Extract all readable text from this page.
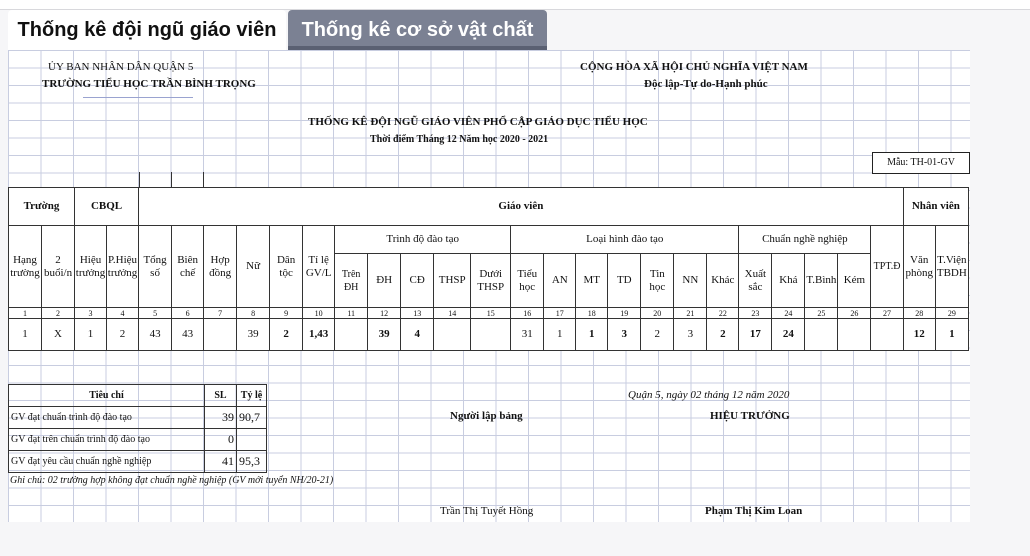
Thống kê đội ngũ giáo viên	Thống kê cơ sở vật chất
ỦY BAN NHÂN DÂN QUẬN 5
TRƯỜNG TIỂU HỌC TRẦN BÌNH TRỌNG
CỘNG HÒA XÃ HỘI CHỦ NGHĨA VIỆT NAM
Độc lập-Tự do-Hạnh phúc
THỐNG KÊ ĐỘI NGŨ GIÁO VIÊN PHỔ CẬP GIÁO DỤC TIỂU HỌC
Thời điểm Tháng 12 Năm học 2020 - 2021
Mẫu: TH-01-GV
Trường		CBQL		Giáo viên																							Nhân viên	
Hạng trường	2 buổi/n	Hiệu trưởng	P.Hiệu trưởng	Tổng số	Biên chế	Hợp đồng	Nữ	Dân tộc	Tỉ lệ GV/L	Trình độ đào tạo					Loại hình đào tạo							Chuẩn nghề nghiệp				TPT.Đ	Văn phòng	T.Viện TBDH
										Trên ĐH	ĐH	CĐ	THSP	Dưới THSP	Tiểu học	AN	MT	TD	Tin học	NN	Khác	Xuất sắc	Khá	T.Bình	Kém			
1	2	3	4	5	6	7	8	9	10	11	12	13	14	15	16	17	18	19	20	21	22	23	24	25	26	27	28	29
1	X	1	2	43	43		39	2	1,43		39	4			31	1	1	3	2	3	2	17	24				12	1
Tiêu chí	SL	Tỷ lệ
GV đạt chuẩn trình độ đào tạo	39	90,7
GV đạt trên chuẩn trình độ đào tạo	0	
GV đạt yêu cầu chuẩn nghề nghiệp	41	95,3
Ghi chú: 02 trường hợp không đạt chuẩn nghề nghiệp (GV mới tuyển NH/20-21)
Quận 5, ngày 02 tháng 12 năm 2020
Người lập bảng	HIỆU TRƯỞNG
Trần Thị Tuyết Hồng	Phạm Thị Kim Loan
